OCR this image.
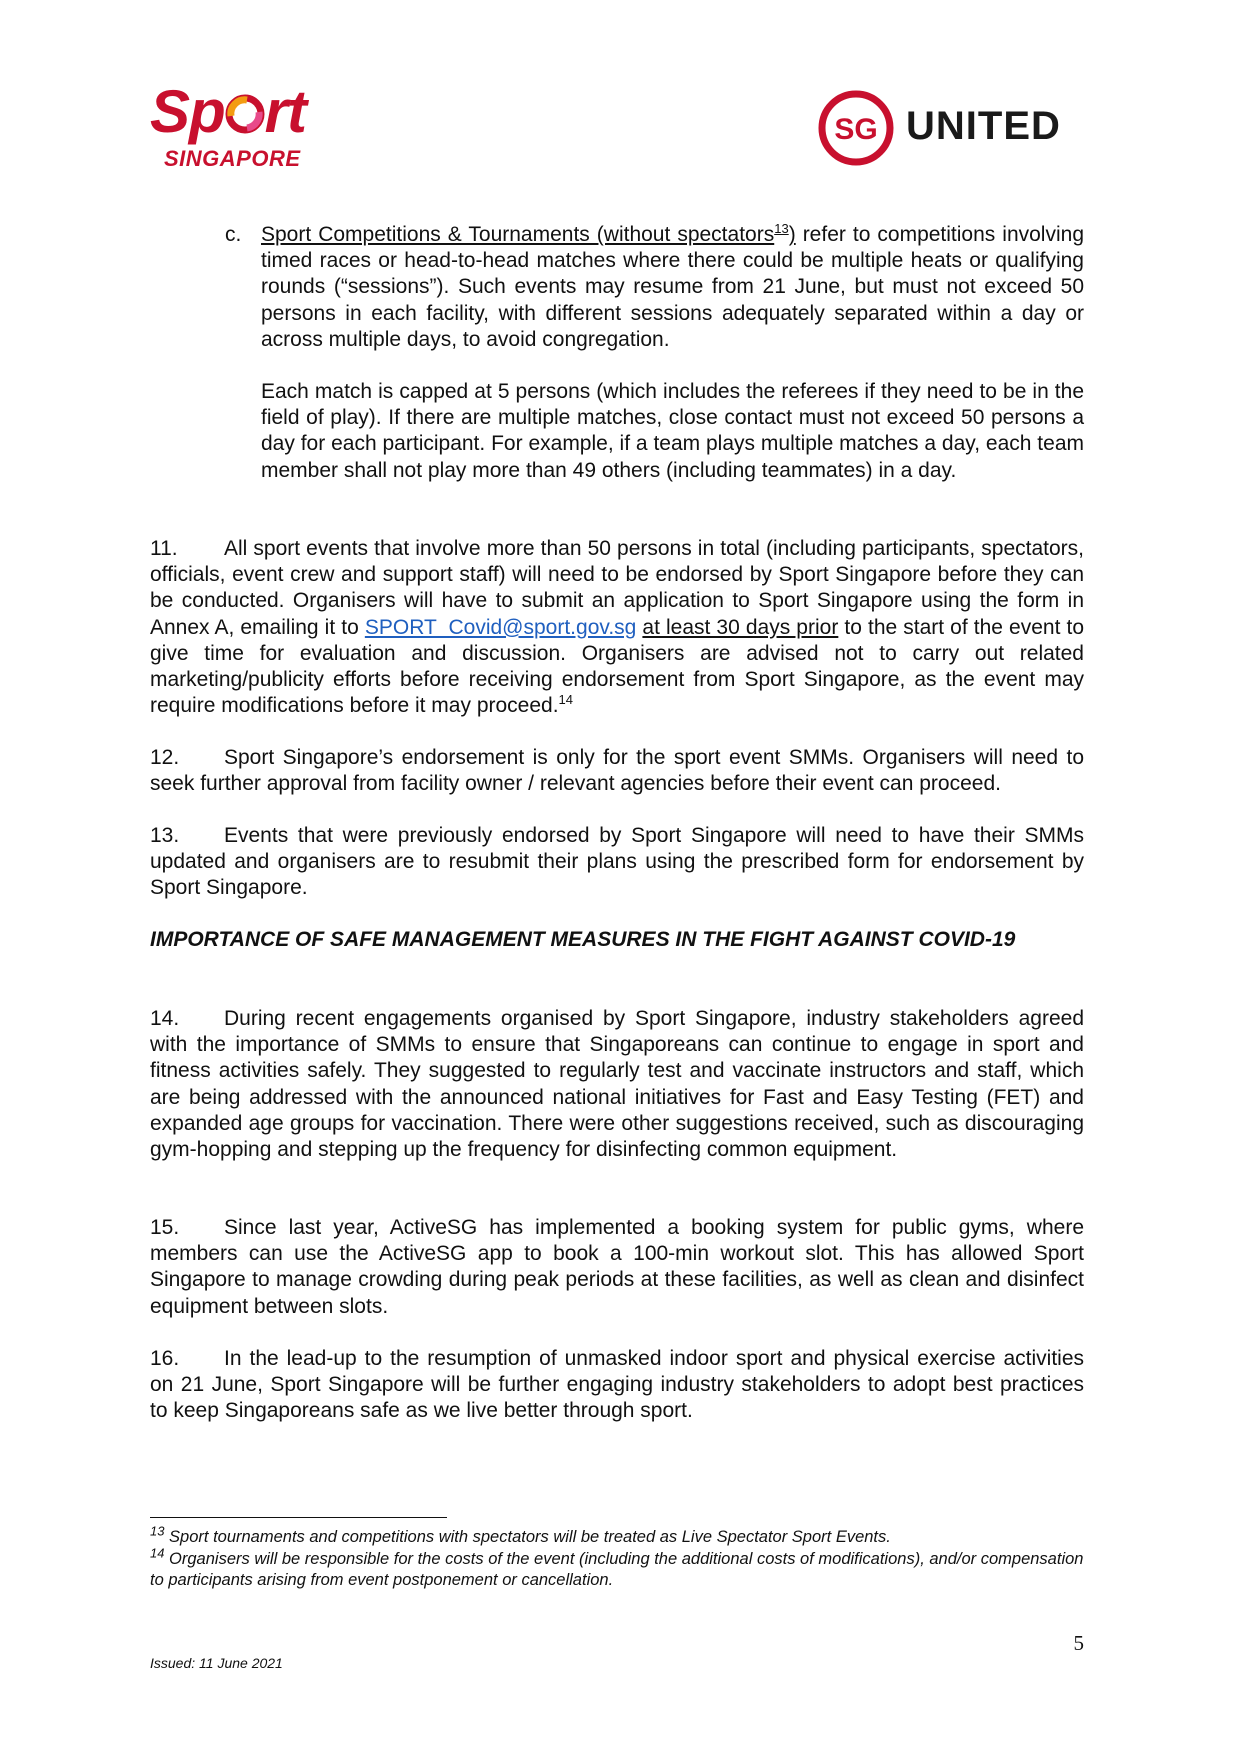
Sp rt
SINGAPORE
SG UNITED
c. Sport Competitions & Tournaments (without spectators$^{13}$) refer to competitions involving timed races or head-to-head matches where there could be multiple heats or qualifying rounds (“sessions”). Such events may resume from 21 June, but must not exceed 50 persons in each facility, with different sessions adequately separated within a day or across multiple days, to avoid congregation.
Each match is capped at 5 persons (which includes the referees if they need to be in the field of play). If there are multiple matches, close contact must not exceed 50 persons a day for each participant. For example, if a team plays multiple matches a day, each team member shall not play more than 49 others (including teammates) in a day.
11. All sport events that involve more than 50 persons in total (including participants, spectators, officials, event crew and support staff) will need to be endorsed by Sport Singapore before they can be conducted. Organisers will have to submit an application to Sport Singapore using the form in Annex A, emailing it to SPORT_Covid@sport.gov.sg at least 30 days prior to the start of the event to give time for evaluation and discussion. Organisers are advised not to carry out related marketing/publicity efforts before receiving endorsement from Sport Singapore, as the event may require modifications before it may proceed.$^{14}$
12. Sport Singapore’s endorsement is only for the sport event SMMs. Organisers will need to seek further approval from facility owner / relevant agencies before their event can proceed.
13. Events that were previously endorsed by Sport Singapore will need to have their SMMs updated and organisers are to resubmit their plans using the prescribed form for endorsement by Sport Singapore.
IMPORTANCE OF SAFE MANAGEMENT MEASURES IN THE FIGHT AGAINST COVID-19
14. During recent engagements organised by Sport Singapore, industry stakeholders agreed with the importance of SMMs to ensure that Singaporeans can continue to engage in sport and fitness activities safely. They suggested to regularly test and vaccinate instructors and staff, which are being addressed with the announced national initiatives for Fast and Easy Testing (FET) and expanded age groups for vaccination. There were other suggestions received, such as discouraging gym-hopping and stepping up the frequency for disinfecting common equipment.
15. Since last year, ActiveSG has implemented a booking system for public gyms, where members can use the ActiveSG app to book a 100-min workout slot. This has allowed Sport Singapore to manage crowding during peak periods at these facilities, as well as clean and disinfect equipment between slots.
16. In the lead-up to the resumption of unmasked indoor sport and physical exercise activities on 21 June, Sport Singapore will be further engaging industry stakeholders to adopt best practices to keep Singaporeans safe as we live better through sport.
$^{13}$ Sport tournaments and competitions with spectators will be treated as Live Spectator Sport Events.
$^{14}$ Organisers will be responsible for the costs of the event (including the additional costs of modifications), and/or compensation to participants arising from event postponement or cancellation.
5
Issued: 11 June 2021
